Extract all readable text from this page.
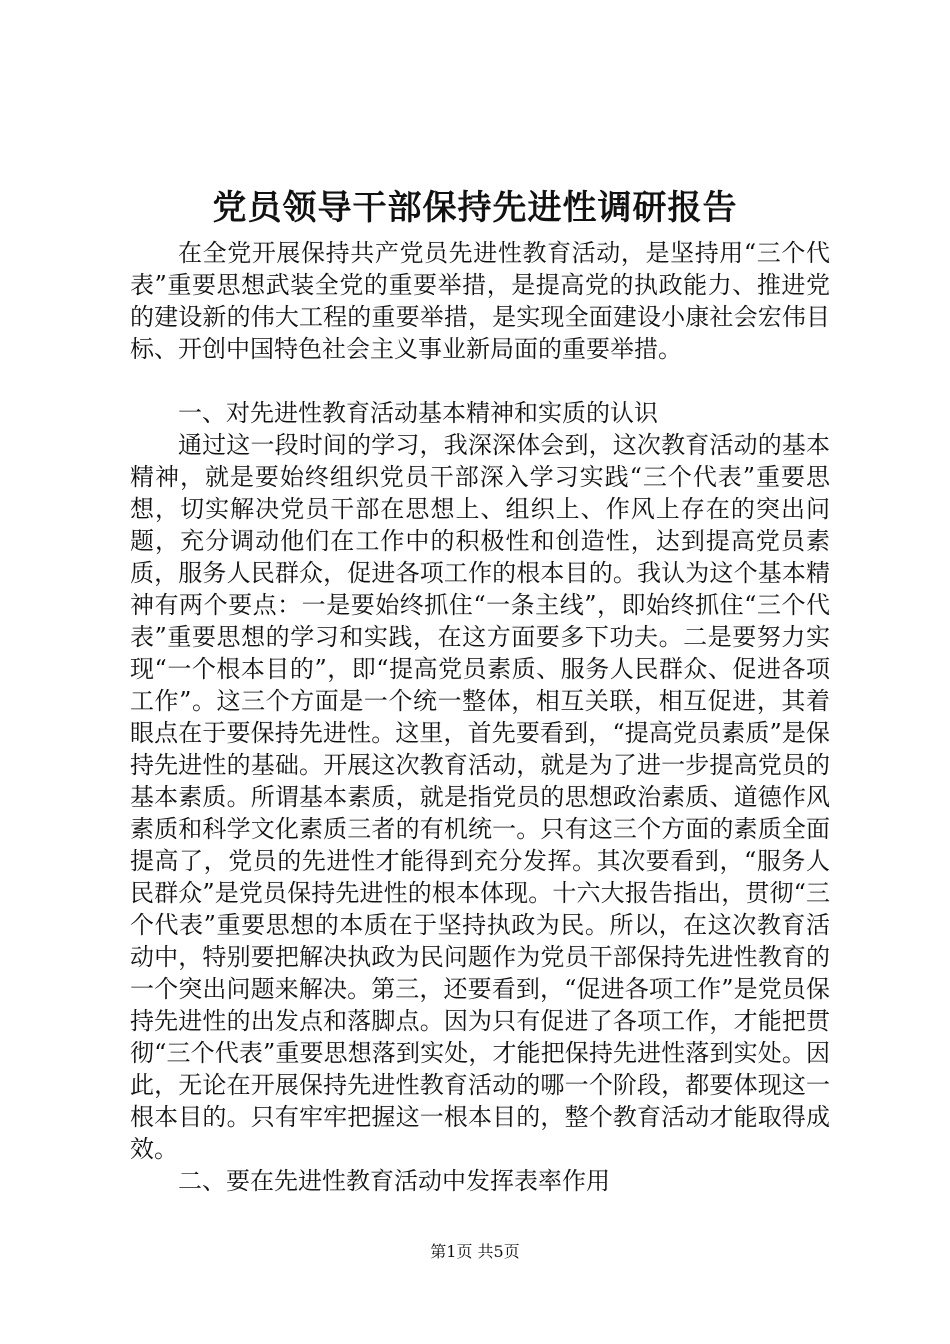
党员领导干部保持先进性调研报告

在全党开展保持共产党员先进性教育活动，是坚持用“三个代表”重要思想武装全党的重要举措，是提高党的执政能力、推进党的建设新的伟大工程的重要举措，是实现全面建设小康社会宏伟目标、开创中国特色社会主义事业新局面的重要举措。

一、对先进性教育活动基本精神和实质的认识

通过这一段时间的学习，我深深体会到，这次教育活动的基本精神，就是要始终组织党员干部深入学习实践“三个代表”重要思想，切实解决党员干部在思想上、组织上、作风上存在的突出问题，充分调动他们在工作中的积极性和创造性，达到提高党员素质，服务人民群众，促进各项工作的根本目的。我认为这个基本精神有两个要点：一是要始终抓住“一条主线”，即始终抓住“三个代表”重要思想的学习和实践，在这方面要多下功夫。二是要努力实现“一个根本目的”，即“提高党员素质、服务人民群众、促进各项工作”。这三个方面是一个统一整体，相互关联，相互促进，其着眼点在于要保持先进性。这里，首先要看到，“提高党员素质”是保持先进性的基础。开展这次教育活动，就是为了进一步提高党员的基本素质。所谓基本素质，就是指党员的思想政治素质、道德作风素质和科学文化素质三者的有机统一。只有这三个方面的素质全面提高了，党员的先进性才能得到充分发挥。其次要看到，“服务人民群众”是党员保持先进性的根本体现。十六大报告指出，贯彻“三个代表”重要思想的本质在于坚持执政为民。所以，在这次教育活动中，特别要把解决执政为民问题作为党员干部保持先进性教育的一个突出问题来解决。第三，还要看到，“促进各项工作”是党员保持先进性的出发点和落脚点。因为只有促进了各项工作，才能把贯彻“三个代表”重要思想落到实处，才能把保持先进性落到实处。因此，无论在开展保持先进性教育活动的哪一个阶段，都要体现这一根本目的。只有牢牢把握这一根本目的，整个教育活动才能取得成效。

二、要在先进性教育活动中发挥表率作用

第1页 共5页
